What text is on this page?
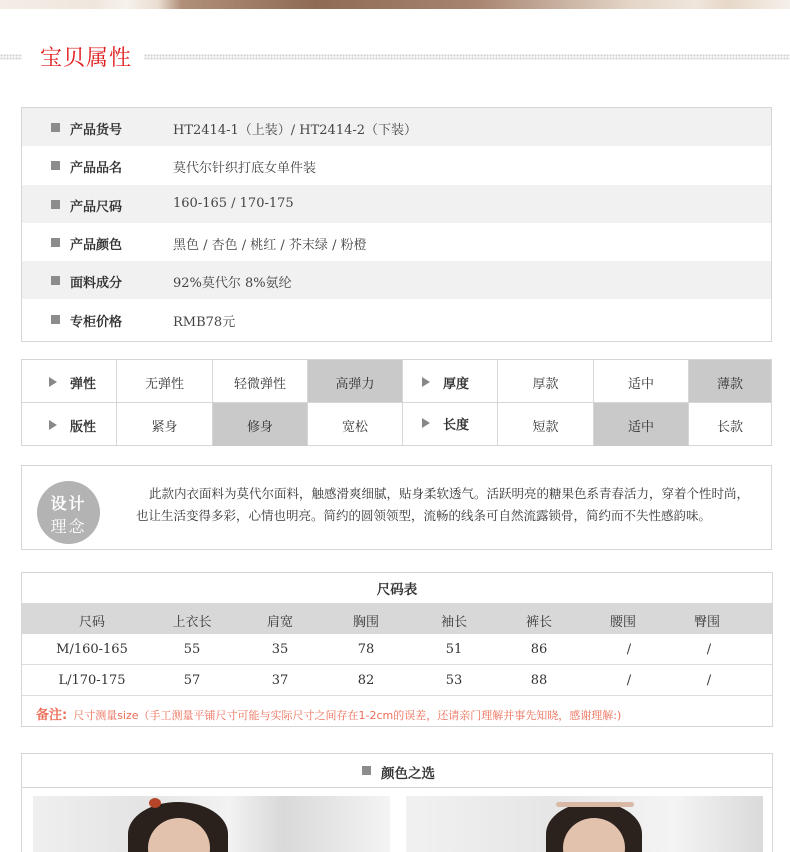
宝贝属性
产品货号	HT2414-1（上装）/ HT2414-2（下装）
产品品名	莫代尔针织打底女单件装
产品尺码	160-165 / 170-175
产品颜色	黑色 / 杏色 / 桃红 / 芥末绿 / 粉橙
面料成分	92%莫代尔 8%氨纶
专柜价格	RMB78元
弹性	无弹性	轻微弹性	高弹力	厚度	厚款	适中	薄款
版性	紧身	修身	宽松	长度	短款	适中	长款
设计
理念
此款内衣面料为莫代尔面料，触感滑爽细腻，贴身柔软透气。活跃明亮的糖果色系青春活力，穿着个性时尚，也让生活变得多彩，心情也明亮。简约的圆领领型，流畅的线条可自然流露锁骨，简约而不失性感韵味。
尺码表
尺码	上衣长	肩宽	胸围	袖长	裤长	腰围	臀围
M/160-165	55	35	78	51	86	/	/
L/170-175	57	37	82	53	88	/	/
备注: 尺寸测量size（手工测量平铺尺寸可能与实际尺寸之间存在1-2cm的误差，还请亲门理解并事先知晓，感谢理解:)
颜色之选
